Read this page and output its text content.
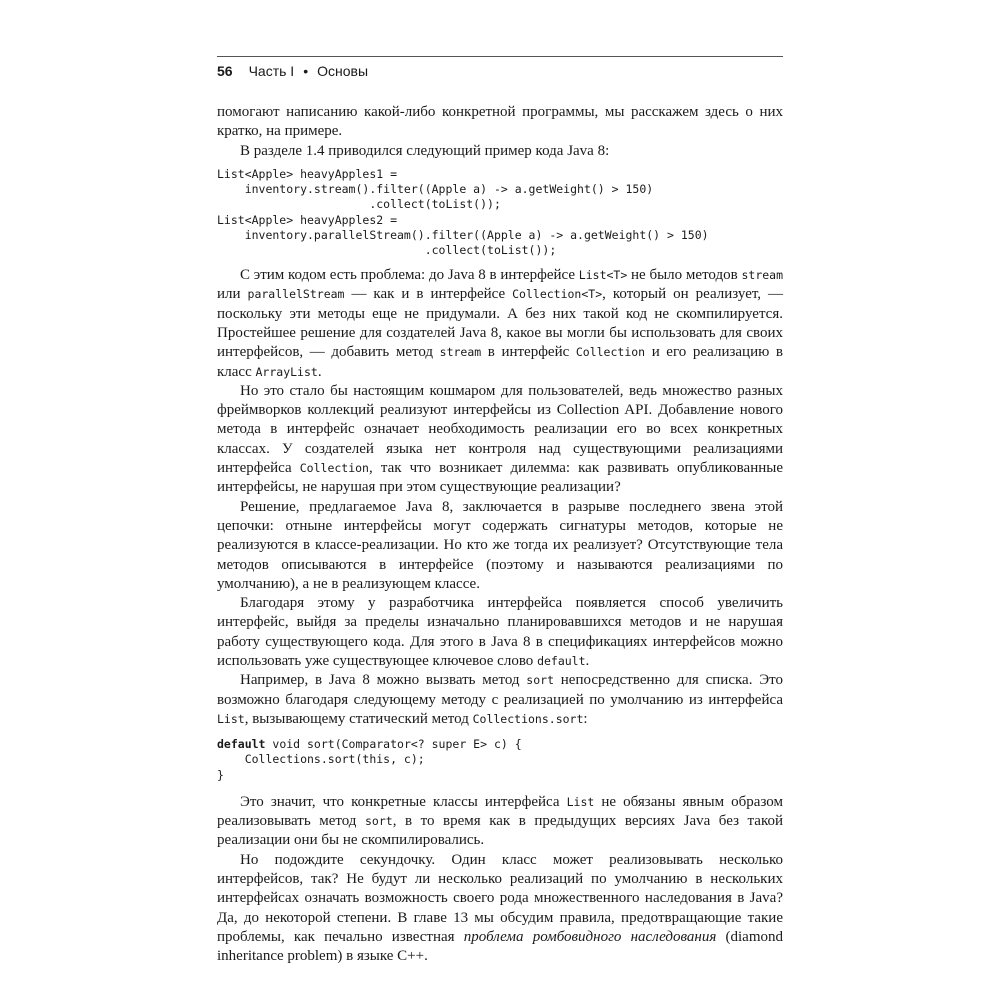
56 Часть I • Основы

помогают написанию какой-либо конкретной программы, мы расскажем здесь о них кратко, на примере.

В разделе 1.4 приводился следующий пример кода Java 8:

List<Apple> heavyApples1 =
inventory.stream().filter((Apple a) -> a.getWeight() > 150)
.collect(toList());
List<Apple> heavyApples2 =
inventory.parallelStream().filter((Apple a) -> a.getWeight() > 150)
.collect(toList());

С этим кодом есть проблема: до Java 8 в интерфейсе List<T> не было методов stream или parallelStream — как и в интерфейсе Collection<T>, который он реализует, — поскольку эти методы еще не придумали. А без них такой код не скомпилируется. Простейшее решение для создателей Java 8, какое вы могли бы использовать для своих интерфейсов, — добавить метод stream в интерфейс Collection и его реализацию в класс ArrayList.

Но это стало бы настоящим кошмаром для пользователей, ведь множество разных фреймворков коллекций реализуют интерфейсы из Collection API. Добавление нового метода в интерфейс означает необходимость реализации его во всех конкретных классах. У создателей языка нет контроля над существующими реализациями интерфейса Collection, так что возникает дилемма: как развивать опубликованные интерфейсы, не нарушая при этом существующие реализации?

Решение, предлагаемое Java 8, заключается в разрыве последнего звена этой цепочки: отныне интерфейсы могут содержать сигнатуры методов, которые не реализуются в классе-реализации. Но кто же тогда их реализует? Отсутствующие тела методов описываются в интерфейсе (поэтому и называются реализациями по умолчанию), а не в реализующем классе.

Благодаря этому у разработчика интерфейса появляется способ увеличить интерфейс, выйдя за пределы изначально планировавшихся методов и не нарушая работу существующего кода. Для этого в Java 8 в спецификациях интерфейсов можно использовать уже существующее ключевое слово default.

Например, в Java 8 можно вызвать метод sort непосредственно для списка. Это возможно благодаря следующему методу с реализацией по умолчанию из интерфейса List, вызывающему статический метод Collections.sort:

default void sort(Comparator<? super E> c) {
Collections.sort(this, c);
}

Это значит, что конкретные классы интерфейса List не обязаны явным образом реализовывать метод sort, в то время как в предыдущих версиях Java без такой реализации они бы не скомпилировались.

Но подождите секундочку. Один класс может реализовывать несколько интерфейсов, так? Не будут ли несколько реализаций по умолчанию в нескольких интерфейсах означать возможность своего рода множественного наследования в Java? Да, до некоторой степени. В главе 13 мы обсудим правила, предотвращающие такие проблемы, как печально известная проблема ромбовидного наследования (diamond inheritance problem) в языке C++.
